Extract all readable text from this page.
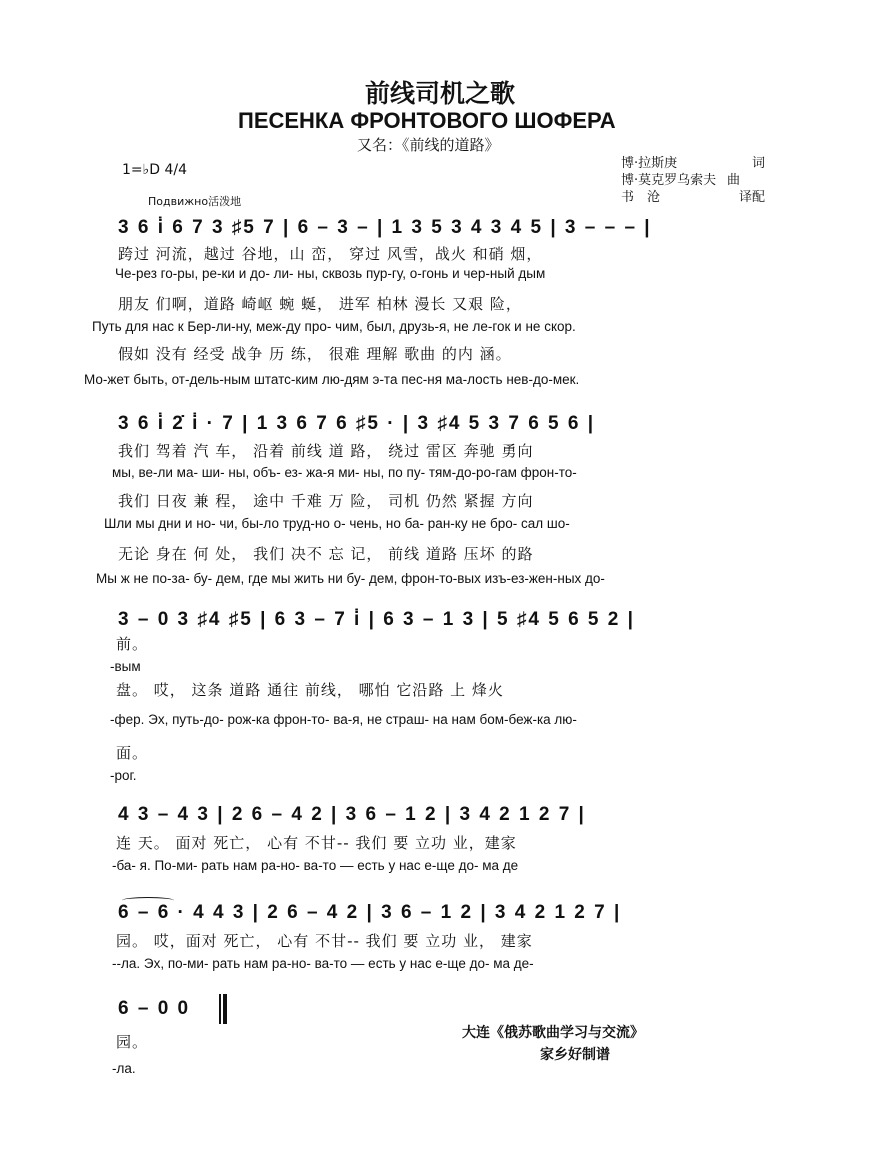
前线司机之歌
ПЕСЕНКА ФРОНТОВОГО ШОФЕРА
又名：《前线的道路》
博·拉斯庚	词
博·莫克罗乌索夫 曲
书　沧	译配
1=♭D 4/4
Подвижно活泼地
3 6 i̇ 6 7 3 ♯5 7 | 6 – 3 – | 1 3 5 3 4 3 4 5 | 3 – – – |
跨过 河流，越过 谷地，山 峦， 穿过 风雪，战火 和硝 烟，
Че-рез го-ры, ре-ки и до- ли- ны, сквозь пур-гу, о-гонь и чер-ный дым
朋友 们啊，道路 崎岖 蜿 蜒， 进军 柏林 漫长 又艰 险，
Путь для нас к Бер-ли-ну, меж-ду про- чим, был, друзь-я, не ле-гок и не скор.
假如 没有 经受 战争 历 练， 很难 理解 歌曲 的内 涵。
Мо-жет быть, от-дель-ным штатс-ким лю-дям э-та пес-ня ма-лость нев-до-мек.
3 6 i̇ 2̇ i̇ · 7 | 1 3 6 7 6 ♯5 · | 3 ♯4 5 3 7 6 5 6 |
我们 驾着 汽 车， 沿着 前线 道 路， 绕过 雷区 奔驰 勇向
мы, ве-ли ма- ши- ны, объ- ез- жа-я ми- ны, по пу- тям-до-ро-гам фрон-то-
我们 日夜 兼 程， 途中 千难 万 险， 司机 仍然 紧握 方向
Шли мы дни и но- чи, бы-ло труд-но о- чень, но ба- ран-ку не бро- сал шо-
无论 身在 何 处， 我们 决不 忘 记， 前线 道路 压坏 的路
Мы ж не по-за- бу- дем, где мы жить ни бу- дем, фрон-то-вых изъ-ез-жен-ных до-
3 – 0 3 ♯4 ♯5 | 6 3 – 7 i̇ | 6 3 – 1 3 | 5 ♯4 5 6 5 2 |
前。
-вым
盘。 哎， 这条 道路 通往 前线， 哪怕 它沿路 上 烽火
-фер. Эх, путь-до- рож-ка фрон-то- ва-я, не страш- на нам бом-беж-ка лю-
面。
-рог.
4 3 – 4 3 | 2 6 – 4 2 | 3 6 – 1 2 | 3 4 2 1 2 7 |
连 天。 面对 死亡， 心有 不甘-- 我们 要 立功 业，建家
-ба- я. По-ми- рать нам ра-но- ва-то — есть у нас е-ще до- ма де
6 – 6 · 4 4 3 | 2 6 – 4 2 | 3 6 – 1 2 | 3 4 2 1 2 7 |
园。 哎，面对 死亡， 心有 不甘-- 我们 要 立功 业， 建家
--ла. Эх, по-ми- рать нам ра-но- ва-то — есть у нас е-ще до- ма де-
6 – 0 0
园。
-ла.
大连《俄苏歌曲学习与交流》
家乡好制谱
